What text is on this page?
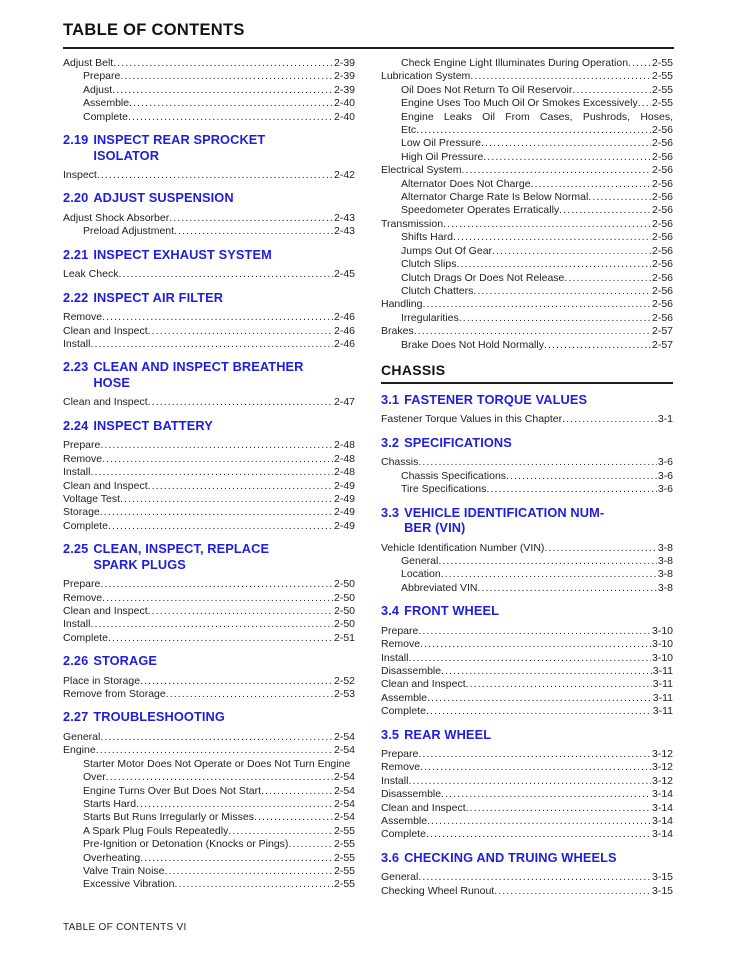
TABLE OF CONTENTS
Adjust Belt .....	2-39
Prepare .....	2-39
Adjust .....	2-39
Assemble .....	2-40
Complete .....	2-40
2.19 INSPECT REAR SPROCKET
ISOLATOR
Inspect .....	2-42
2.20 ADJUST SUSPENSION
Adjust Shock Absorber .....	2-43
Preload Adjustment .....	2-43
2.21 INSPECT EXHAUST SYSTEM
Leak Check .....	2-45
2.22 INSPECT AIR FILTER
Remove .....	2-46
Clean and Inspect .....	2-46
Install .....	2-46
2.23 CLEAN AND INSPECT BREATHER
HOSE
Clean and Inspect .....	2-47
2.24 INSPECT BATTERY
Prepare .....	2-48
Remove .....	2-48
Install .....	2-48
Clean and Inspect .....	2-49
Voltage Test .....	2-49
Storage .....	2-49
Complete .....	2-49
2.25 CLEAN, INSPECT, REPLACE
SPARK PLUGS
Prepare .....	2-50
Remove .....	2-50
Clean and Inspect .....	2-50
Install .....	2-50
Complete .....	2-51
2.26 STORAGE
Place in Storage .....	2-52
Remove from Storage .....	2-53
2.27 TROUBLESHOOTING
General .....	2-54
Engine .....	2-54
Starter Motor Does Not Operate or Does Not Turn Engine
Over .....	2-54
Engine Turns Over But Does Not Start .....	2-54
Starts Hard .....	2-54
Starts But Runs Irregularly or Misses .....	2-54
A Spark Plug Fouls Repeatedly .....	2-55
Pre-Ignition or Detonation (Knocks or Pings) .....	2-55
Overheating .....	2-55
Valve Train Noise .....	2-55
Excessive Vibration .....	2-55
Check Engine Light Illuminates During Operation ..... 2-55
Lubrication System .....	2-55
Oil Does Not Return To Oil Reservoir .....	2-55
Engine Uses Too Much Oil Or Smokes Excessively ..... 2-55
Engine Leaks Oil From Cases, Pushrods, Hoses,
Etc .....	2-56
Low Oil Pressure .....	2-56
High Oil Pressure .....	2-56
Electrical System .....	2-56
Alternator Does Not Charge .....	2-56
Alternator Charge Rate Is Below Normal .....	2-56
Speedometer Operates Erratically .....	2-56
Transmission .....	2-56
Shifts Hard .....	2-56
Jumps Out Of Gear .....	2-56
Clutch Slips .....	2-56
Clutch Drags Or Does Not Release .....	2-56
Clutch Chatters .....	2-56
Handling .....	2-56
Irregularities .....	2-56
Brakes .....	2-57
Brake Does Not Hold Normally .....	2-57
CHASSIS
3.1 FASTENER TORQUE VALUES
Fastener Torque Values in this Chapter .....	3-1
3.2 SPECIFICATIONS
Chassis .....	3-6
Chassis Specifications .....	3-6
Tire Specifications .....	3-6
3.3 VEHICLE IDENTIFICATION NUM-
BER (VIN)
Vehicle Identification Number (VIN) .....	3-8
General .....	3-8
Location .....	3-8
Abbreviated VIN .....	3-8
3.4 FRONT WHEEL
Prepare .....	3-10
Remove .....	3-10
Install .....	3-10
Disassemble .....	3-11
Clean and Inspect .....	3-11
Assemble .....	3-11
Complete .....	3-11
3.5 REAR WHEEL
Prepare .....	3-12
Remove .....	3-12
Install .....	3-12
Disassemble .....	3-14
Clean and Inspect .....	3-14
Assemble .....	3-14
Complete .....	3-14
3.6 CHECKING AND TRUING WHEELS
General .....	3-15
Checking Wheel Runout .....	3-15
TABLE OF CONTENTS VI
